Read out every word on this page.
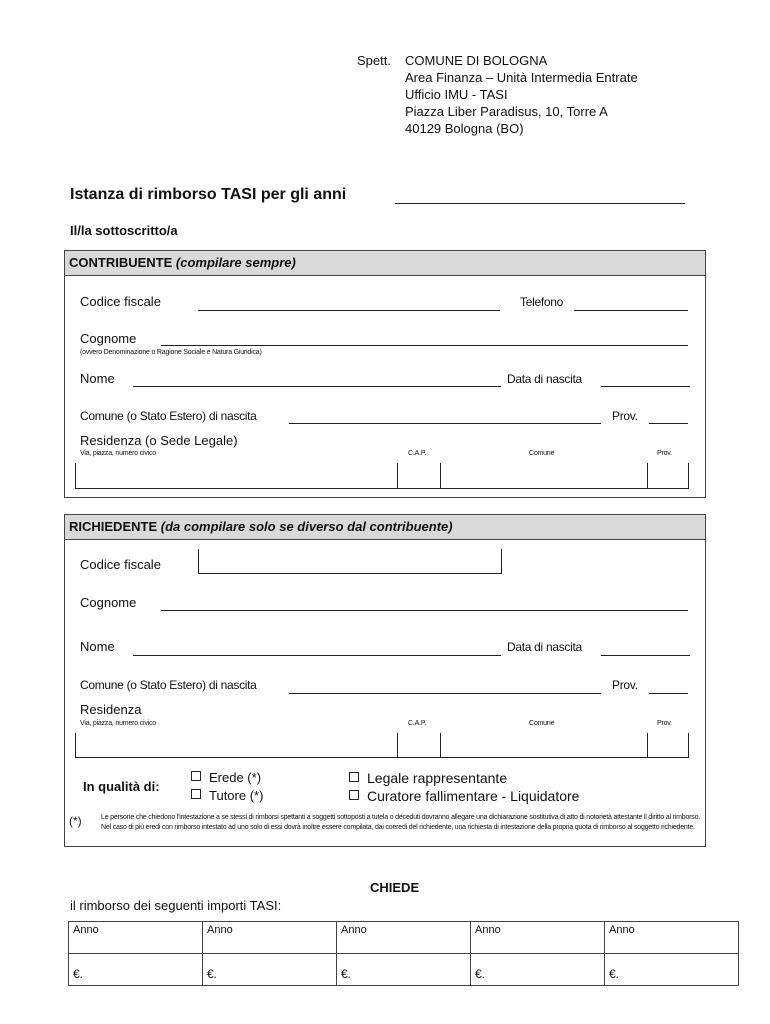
Spett. COMUNE DI BOLOGNA
Area Finanza – Unità Intermedia Entrate
Ufficio IMU - TASI
Piazza Liber Paradisus, 10, Torre A
40129 Bologna (BO)
Istanza di rimborso TASI per gli anni
Il/la sottoscritto/a
CONTRIBUENTE (compilare sempre)
Codice fiscale	Telefono
Cognome
(ovvero Denominazione o Ragione Sociale e Natura Giuridica)
Nome	Data di nascita
Comune (o Stato Estero) di nascita	Prov.
Residenza (o Sede Legale)
Via, piazza, numero civico	C.A.P.	Comune	Prov.
RICHIEDENTE (da compilare solo se diverso dal contribuente)
Codice fiscale
Cognome
Nome	Data di nascita
Comune (o Stato Estero) di nascita	Prov.
Residenza
Via, piazza, numero civico	C.A.P.	Comune	Prov.
In qualità di:
Erede (*)
Tutore (*)
Legale rappresentante
Curatore fallimentare - Liquidatore
(*)	Le persone che chiedono l'intestazione a se stessi di rimborsi spettanti a soggetti sottoposti a tutela o deceduti dovranno allegare una dichiarazione sostitutiva di atto di notorietà attestante il diritto al rimborso. Nel caso di più eredi con rimborso intestato ad uno solo di essi dovrà inoltre essere compilata, dai coeredi del richiedente, una richiesta di intestazione della propria quota di rimborso al soggetto richiedente.
CHIEDE
il rimborso dei seguenti importi TASI:
Anno	Anno	Anno	Anno	Anno
€.	€.	€.	€.	€.
